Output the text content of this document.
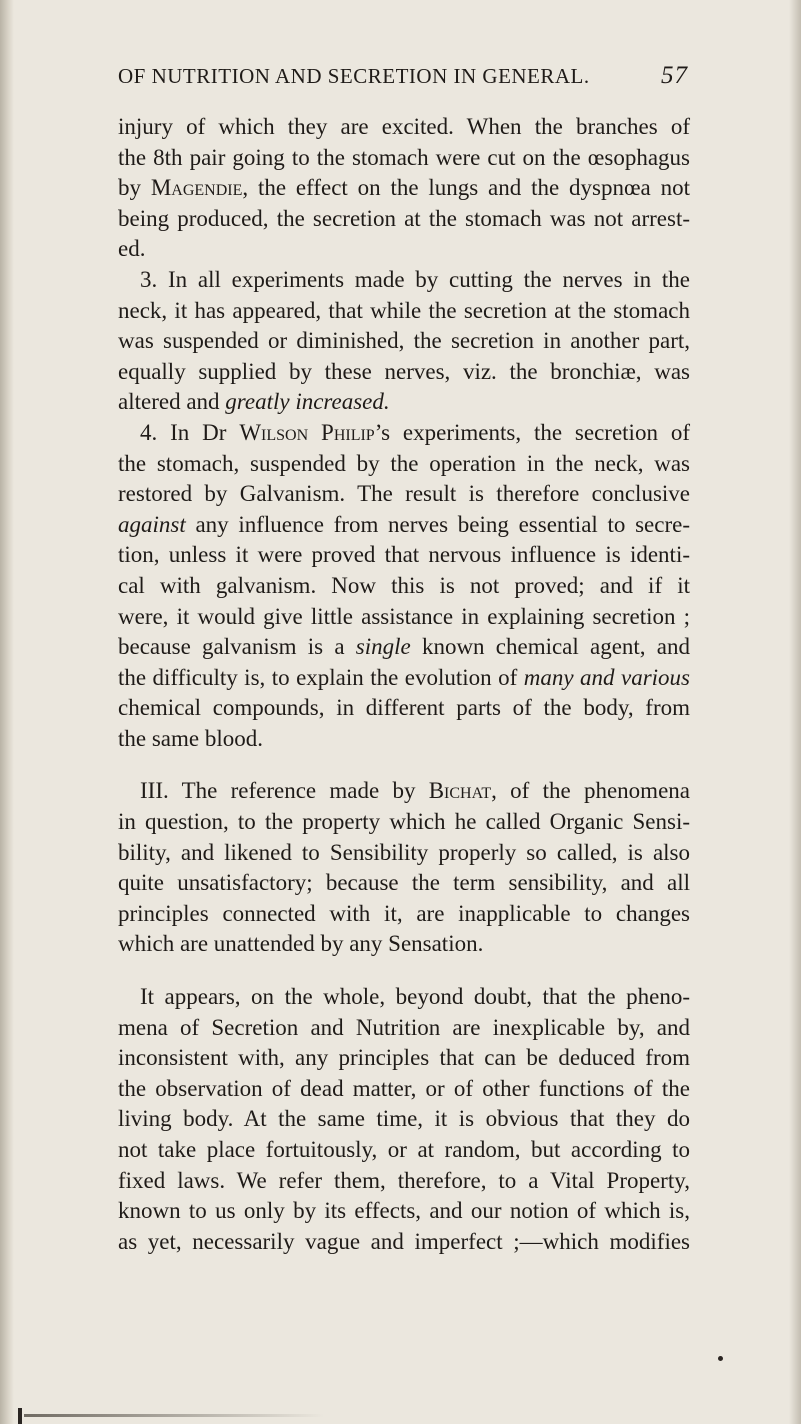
OF NUTRITION AND SECRETION IN GENERAL.	57
injury of which they are excited. When the branches of
the 8th pair going to the stomach were cut on the œsophagus
by Magendie, the effect on the lungs and the dyspnœa not
being produced, the secretion at the stomach was not arrest-
ed.
3. In all experiments made by cutting the nerves in the
neck, it has appeared, that while the secretion at the stomach
was suspended or diminished, the secretion in another part,
equally supplied by these nerves, viz. the bronchiæ, was
altered and greatly increased.
4. In Dr Wilson Philip’s experiments, the secretion of
the stomach, suspended by the operation in the neck, was
restored by Galvanism. The result is therefore conclusive
against any influence from nerves being essential to secre-
tion, unless it were proved that nervous influence is identi-
cal with galvanism. Now this is not proved; and if it
were, it would give little assistance in explaining secretion ;
because galvanism is a single known chemical agent, and
the difficulty is, to explain the evolution of many and various
chemical compounds, in different parts of the body, from
the same blood.
III. The reference made by Bichat, of the phenomena
in question, to the property which he called Organic Sensi-
bility, and likened to Sensibility properly so called, is also
quite unsatisfactory; because the term sensibility, and all
principles connected with it, are inapplicable to changes
which are unattended by any Sensation.
It appears, on the whole, beyond doubt, that the pheno-
mena of Secretion and Nutrition are inexplicable by, and
inconsistent with, any principles that can be deduced from
the observation of dead matter, or of other functions of the
living body. At the same time, it is obvious that they do
not take place fortuitously, or at random, but according to
fixed laws. We refer them, therefore, to a Vital Property,
known to us only by its effects, and our notion of which is,
as yet, necessarily vague and imperfect ;—which modifies
